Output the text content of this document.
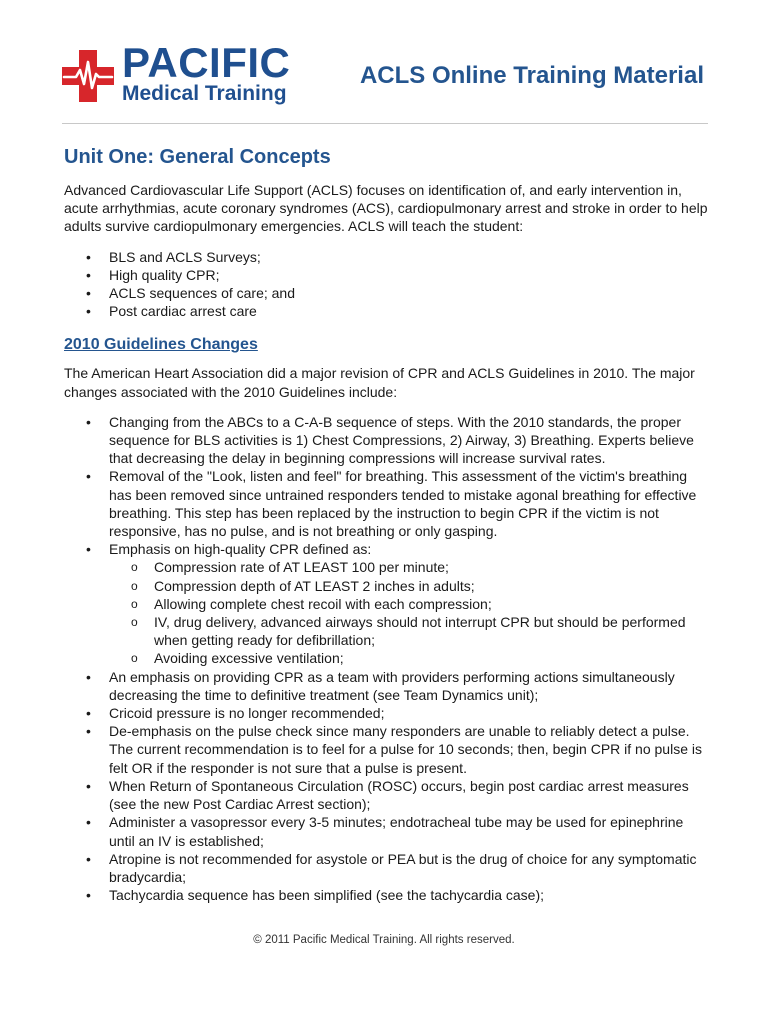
PACIFIC
Medical Training
ACLS Online Training Material
Unit One: General Concepts

Advanced Cardiovascular Life Support (ACLS) focuses on identification of, and early intervention in, acute arrhythmias, acute coronary syndromes (ACS), cardiopulmonary arrest and stroke in order to help adults survive cardiopulmonary emergencies. ACLS will teach the student:

• BLS and ACLS Surveys;
• High quality CPR;
• ACLS sequences of care; and
• Post cardiac arrest care
2010 Guidelines Changes

The American Heart Association did a major revision of CPR and ACLS Guidelines in 2010. The major changes associated with the 2010 Guidelines include:

• Changing from the ABCs to a C-A-B sequence of steps. With the 2010 standards, the proper sequence for BLS activities is 1) Chest Compressions, 2) Airway, 3) Breathing. Experts believe that decreasing the delay in beginning compressions will increase survival rates.
• Removal of the "Look, listen and feel" for breathing. This assessment of the victim's breathing has been removed since untrained responders tended to mistake agonal breathing for effective breathing. This step has been replaced by the instruction to begin CPR if the victim is not responsive, has no pulse, and is not breathing or only gasping.
• Emphasis on high-quality CPR defined as:
o Compression rate of AT LEAST 100 per minute;
o Compression depth of AT LEAST 2 inches in adults;
o Allowing complete chest recoil with each compression;
o IV, drug delivery, advanced airways should not interrupt CPR but should be performed when getting ready for defibrillation;
o Avoiding excessive ventilation;
• An emphasis on providing CPR as a team with providers performing actions simultaneously decreasing the time to definitive treatment (see Team Dynamics unit);
• Cricoid pressure is no longer recommended;
• De-emphasis on the pulse check since many responders are unable to reliably detect a pulse. The current recommendation is to feel for a pulse for 10 seconds; then, begin CPR if no pulse is felt OR if the responder is not sure that a pulse is present.
• When Return of Spontaneous Circulation (ROSC) occurs, begin post cardiac arrest measures (see the new Post Cardiac Arrest section);
• Administer a vasopressor every 3-5 minutes; endotracheal tube may be used for epinephrine until an IV is established;
• Atropine is not recommended for asystole or PEA but is the drug of choice for any symptomatic bradycardia;
• Tachycardia sequence has been simplified (see the tachycardia case);
© 2011 Pacific Medical Training. All rights reserved.
